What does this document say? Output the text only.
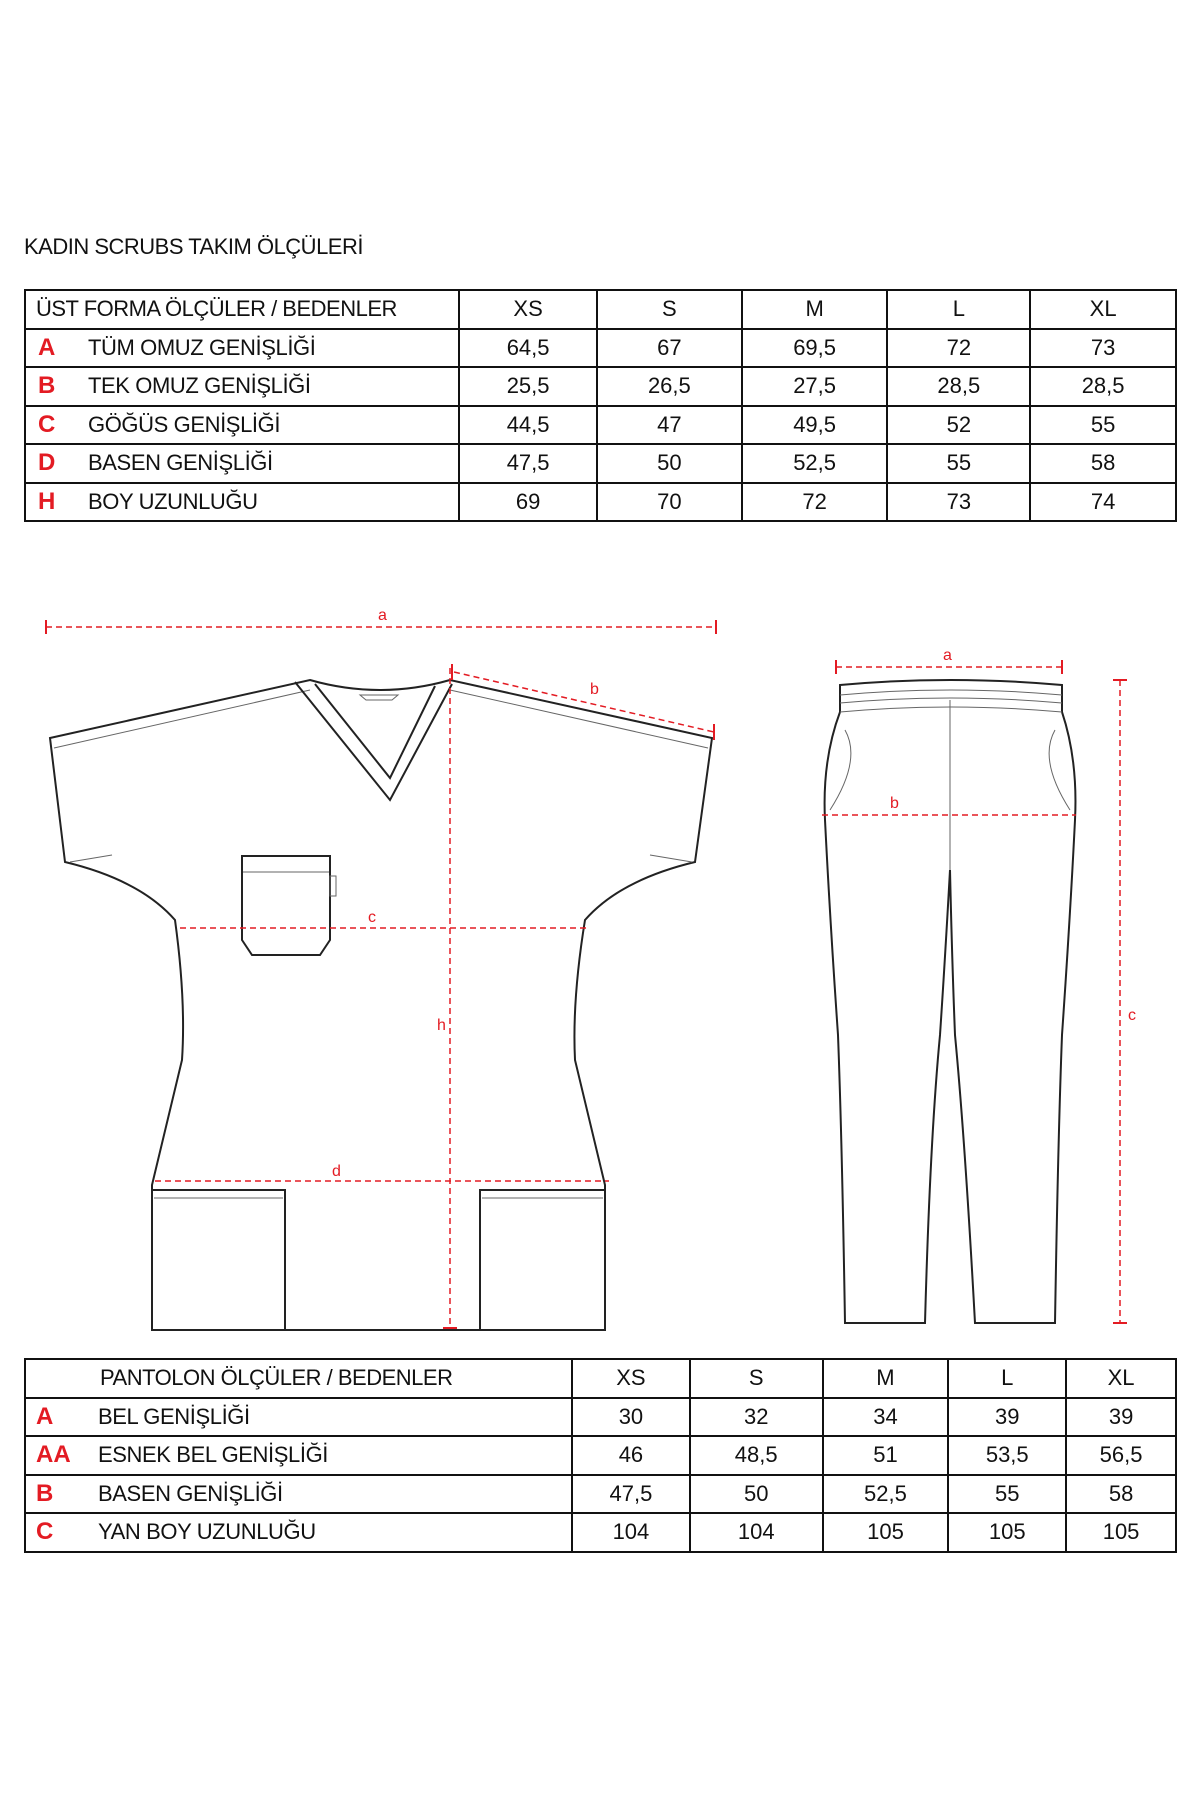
KADIN SCRUBS TAKIM ÖLÇÜLERİ
ÜST FORMA ÖLÇÜLER / BEDENLER	XS	S	M	L	XL
A TÜM OMUZ GENİŞLİĞİ	64,5	67	69,5	72	73
B TEK OMUZ GENİŞLİĞİ	25,5	26,5	27,5	28,5	28,5
C GÖĞÜS GENİŞLİĞİ	44,5	47	49,5	52	55
D BASEN GENİŞLİĞİ	47,5	50	52,5	55	58
H BOY UZUNLUĞU	69	70	72	73	74
a
b
c
d
h
a
b
c
PANTOLON ÖLÇÜLER / BEDENLER	XS	S	M	L	XL
A BEL GENİŞLİĞİ	30	32	34	39	39
AA ESNEK BEL GENİŞLİĞİ	46	48,5	51	53,5	56,5
B BASEN GENİŞLİĞİ	47,5	50	52,5	55	58
C YAN BOY UZUNLUĞU	104	104	105	105	105
